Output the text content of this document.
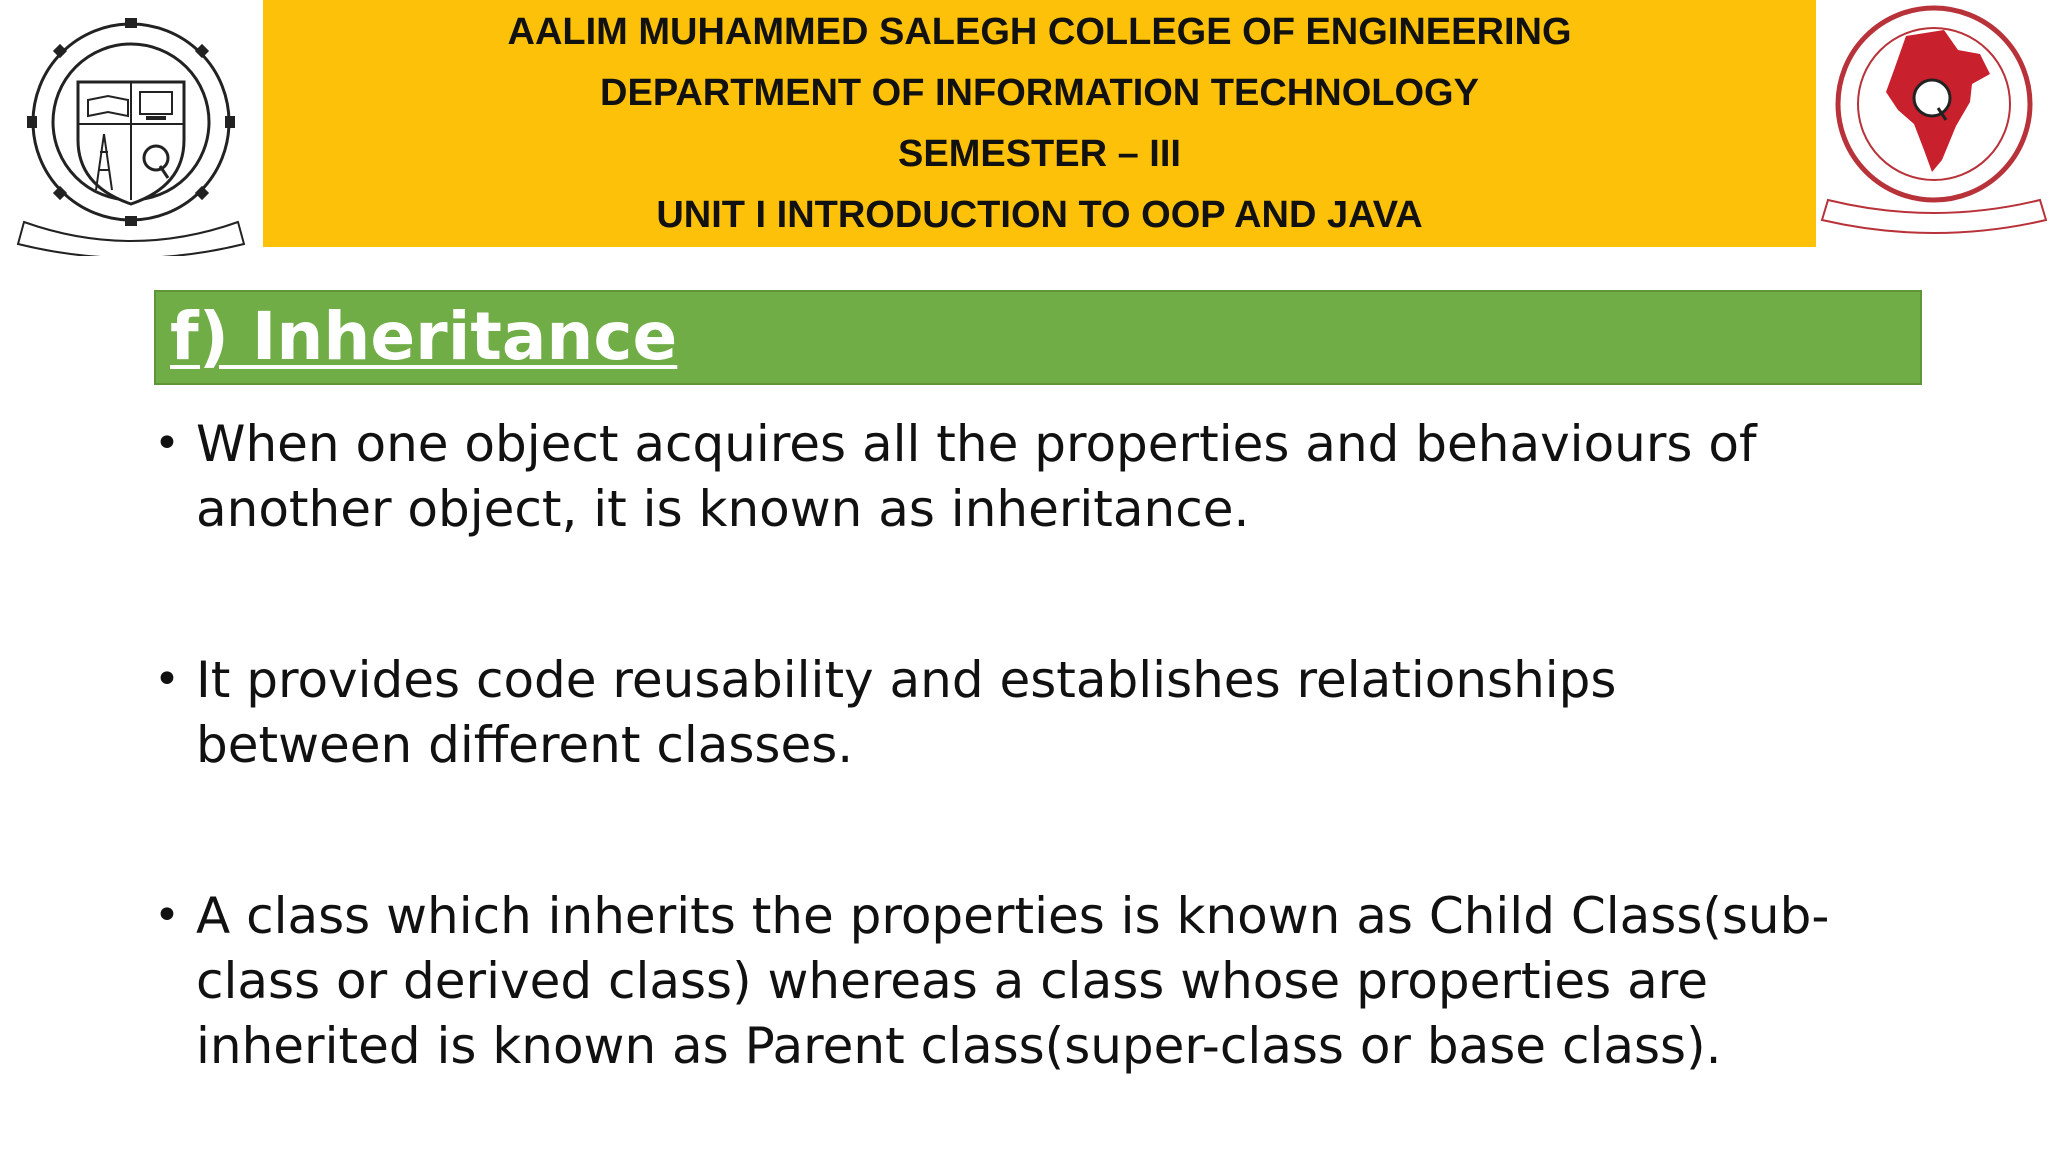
AALIM MUHAMMED SALEGH COLLEGE OF ENGINEERING
DEPARTMENT OF INFORMATION TECHNOLOGY
SEMESTER – III
UNIT I INTRODUCTION TO OOP AND JAVA
f) Inheritance
• When one object acquires all the properties and behaviours of another object, it is known as inheritance.
• It provides code reusability and establishes relationships between different classes.
• A class which inherits the properties is known as Child Class(sub-class or derived class) whereas a class whose properties are inherited is known as Parent class(super-class or base class).
